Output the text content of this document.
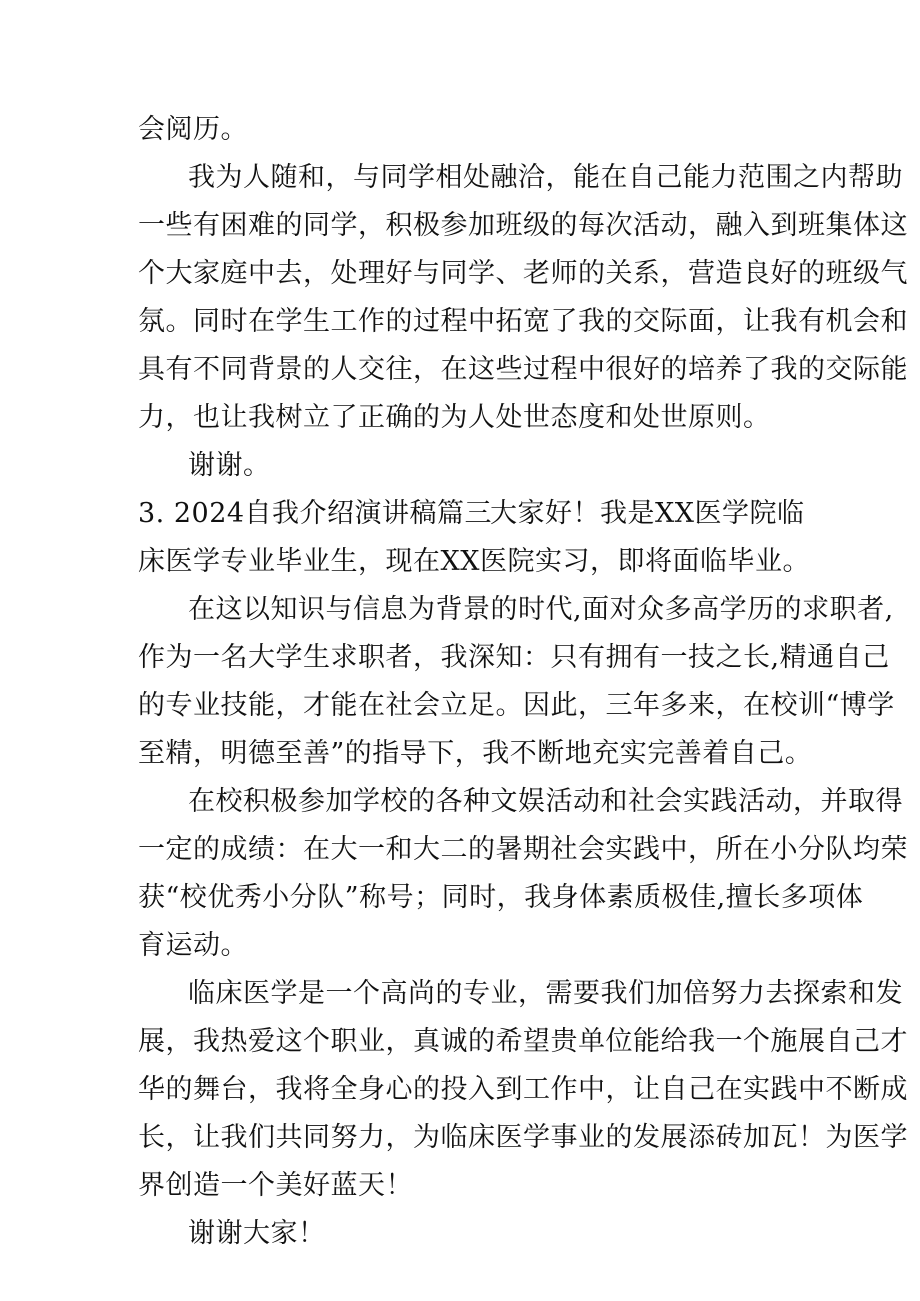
会阅历。
我为人随和，与同学相处融洽，能在自己能力范围之内帮助
一些有困难的同学，积极参加班级的每次活动，融入到班集体这
个大家庭中去，处理好与同学、老师的关系，营造良好的班级气
氛。同时在学生工作的过程中拓宽了我的交际面，让我有机会和
具有不同背景的人交往，在这些过程中很好的培养了我的交际能
力，也让我树立了正确的为人处世态度和处世原则。
谢谢。
3. 2024自我介绍演讲稿篇三
大家好！我是XX医学院临
床医学专业毕业生，现在XX医院实习，即将面临毕业。
在这以知识与信息为背景的时代,面对众多高学历的求职者,
作为一名大学生求职者，我深知：只有拥有一技之长,精通自己
的专业技能，才能在社会立足。因此，三年多来，在校训“博学
至精，明德至善”的指导下，我不断地充实完善着自己。
在校积极参加学校的各种文娱活动和社会实践活动，并取得
一定的成绩：在大一和大二的暑期社会实践中，所在小分队均荣
获“校优秀小分队”称号；同时，我身体素质极佳,擅长多项体
育运动。
临床医学是一个高尚的专业，需要我们加倍努力去探索和发
展，我热爱这个职业，真诚的希望贵单位能给我一个施展自己才
华的舞台，我将全身心的投入到工作中，让自己在实践中不断成
长，让我们共同努力，为临床医学事业的发展添砖加瓦！为医学
界创造一个美好蓝天！
谢谢大家！
